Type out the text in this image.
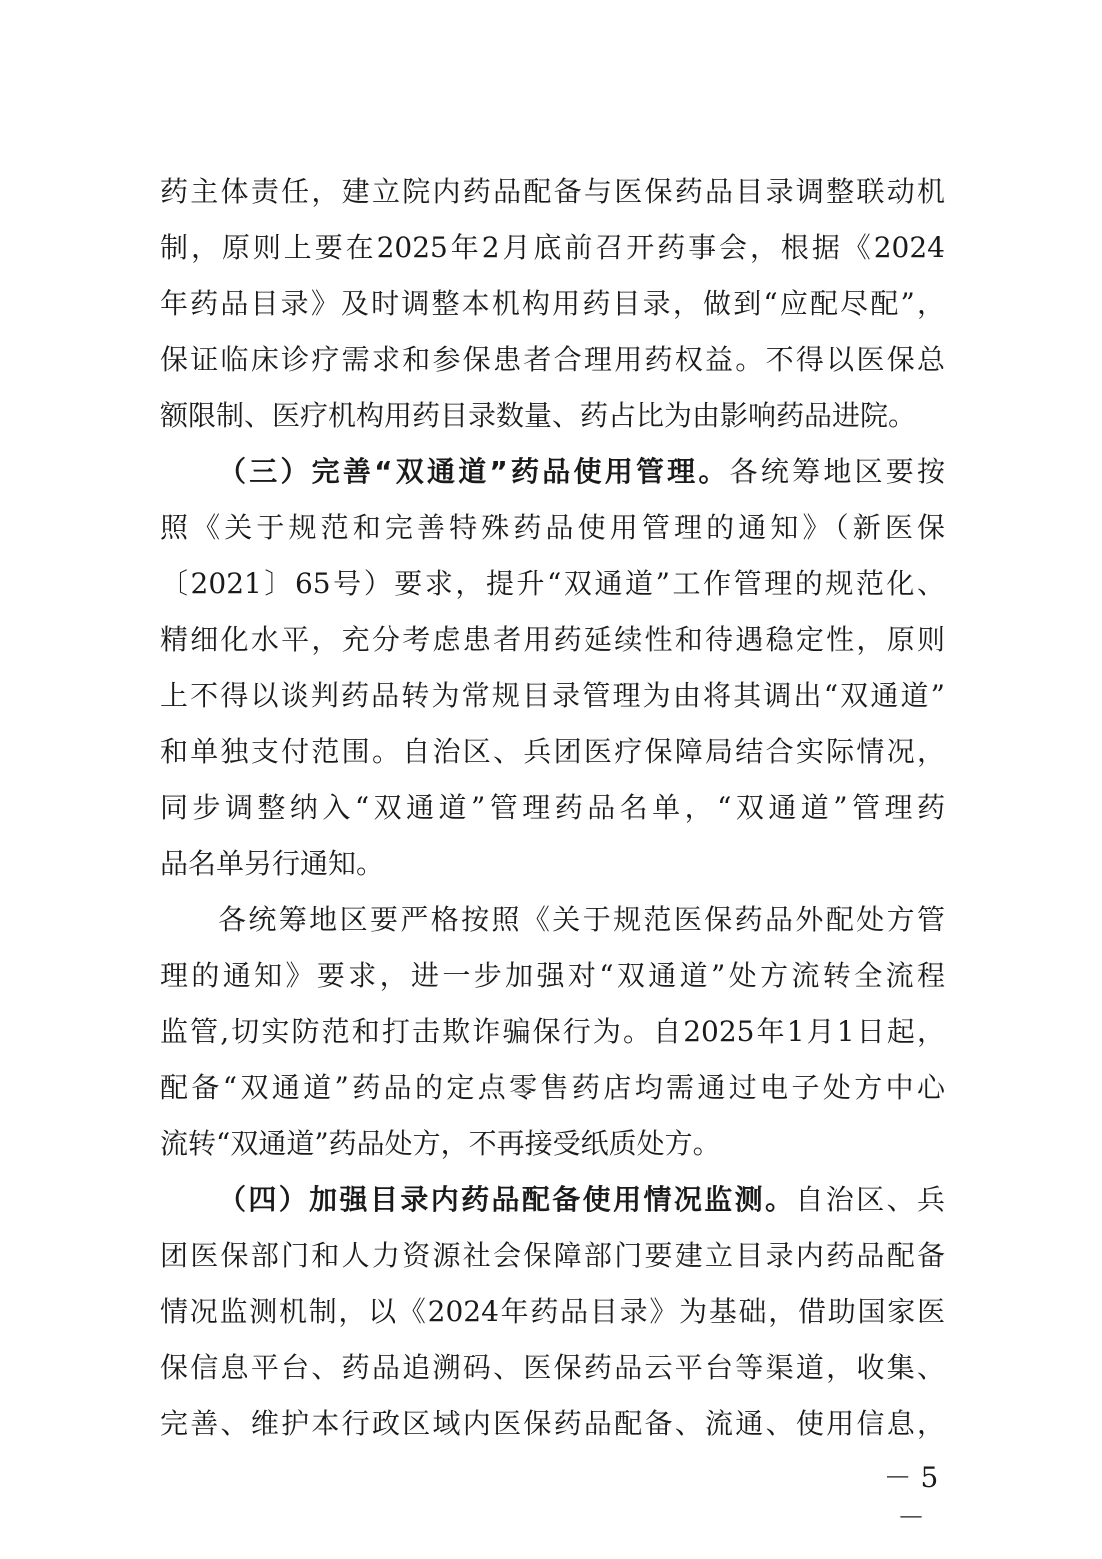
药主体责任，建立院内药品配备与医保药品目录调整联动机
制，原则上要在2025年2月底前召开药事会，根据《2024
年药品目录》及时调整本机构用药目录，做到“应配尽配”，
保证临床诊疗需求和参保患者合理用药权益。不得以医保总
额限制、医疗机构用药目录数量、药占比为由影响药品进院。
（三）完善“双通道”药品使用管理。各统筹地区要按
照《关于规范和完善特殊药品使用管理的通知》（新医保
〔2021〕65号）要求，提升“双通道”工作管理的规范化、
精细化水平，充分考虑患者用药延续性和待遇稳定性，原则
上不得以谈判药品转为常规目录管理为由将其调出“双通道”
和单独支付范围。自治区、兵团医疗保障局结合实际情况，
同步调整纳入“双通道”管理药品名单，“双通道”管理药
品名单另行通知。
各统筹地区要严格按照《关于规范医保药品外配处方管
理的通知》要求，进一步加强对“双通道”处方流转全流程
监管,切实防范和打击欺诈骗保行为。自2025年1月1日起，
配备“双通道”药品的定点零售药店均需通过电子处方中心
流转“双通道”药品处方，不再接受纸质处方。
（四）加强目录内药品配备使用情况监测。自治区、兵
团医保部门和人力资源社会保障部门要建立目录内药品配备
情况监测机制，以《2024年药品目录》为基础，借助国家医
保信息平台、药品追溯码、医保药品云平台等渠道，收集、
完善、维护本行政区域内医保药品配备、流通、使用信息，
－ 5 －
